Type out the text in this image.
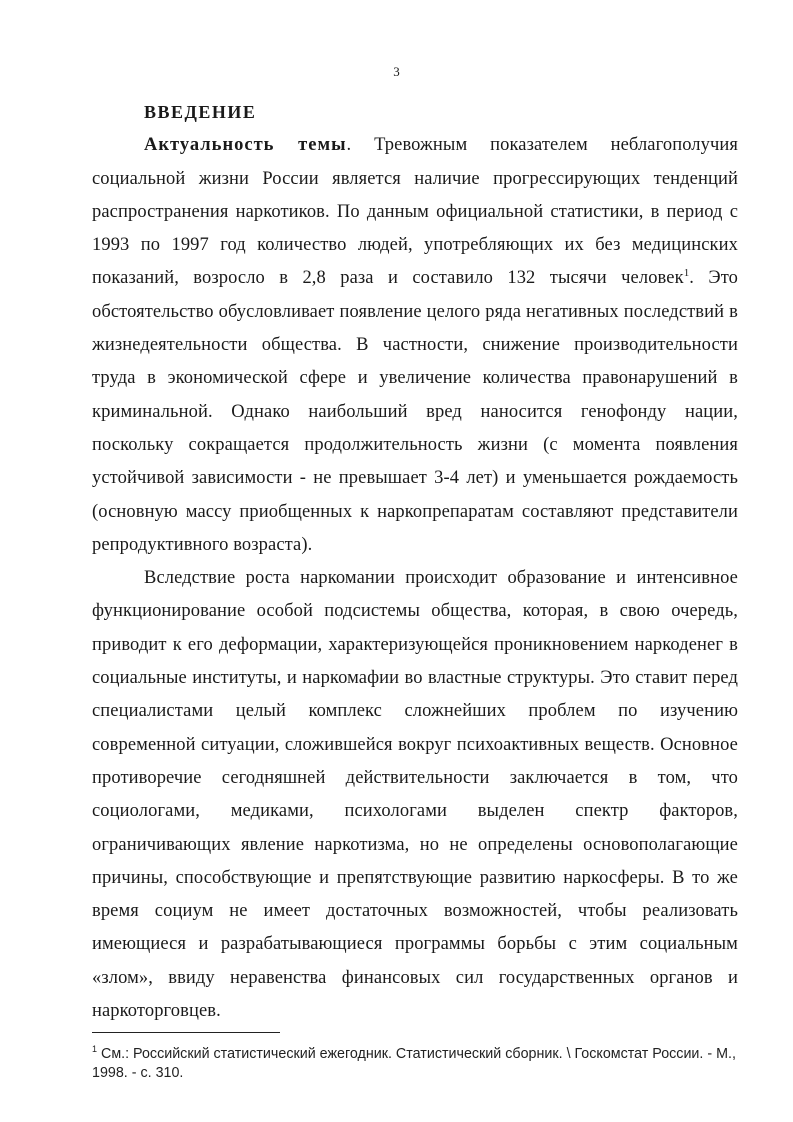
3
ВВЕДЕНИЕ

Актуальность темы. Тревожным показателем неблагополучия социальной жизни России является наличие прогрессирующих тенденций распространения наркотиков. По данным официальной статистики, в период с 1993 по 1997 год количество людей, употребляющих их без медицинских показаний, возросло в 2,8 раза и составило 132 тысячи человек$^1$. Это обстоятельство обусловливает появление целого ряда негативных последствий в жизнедеятельности общества. В частности, снижение производительности труда в экономической сфере и увеличение количества правонарушений в криминальной. Однако наибольший вред наносится генофонду нации, поскольку сокращается продолжительность жизни (с момента появления устойчивой зависимости - не превышает 3-4 лет) и уменьшается рождаемость (основную массу приобщенных к наркопрепаратам составляют представители репродуктивного возраста).

Вследствие роста наркомании происходит образование и интенсивное функционирование особой подсистемы общества, которая, в свою очередь, приводит к его деформации, характеризующейся проникновением наркоденег в социальные институты, и наркомафии во властные структуры. Это ставит перед специалистами целый комплекс сложнейших проблем по изучению современной ситуации, сложившейся вокруг психоактивных веществ. Основное противоречие сегодняшней действительности заключается в том, что социологами, медиками, психологами выделен спектр факторов, ограничивающих явление наркотизма, но не определены основополагающие причины, способствующие и препятствующие развитию наркосферы. В то же время социум не имеет достаточных возможностей, чтобы реализовать имеющиеся и разрабатывающиеся программы борьбы с этим социальным «злом», ввиду неравенства финансовых сил государственных органов и наркоторговцев.

$^1$ См.: Российский статистический ежегодник. Статистический сборник. \ Госкомстат России. - М., 1998. - с. 310.
